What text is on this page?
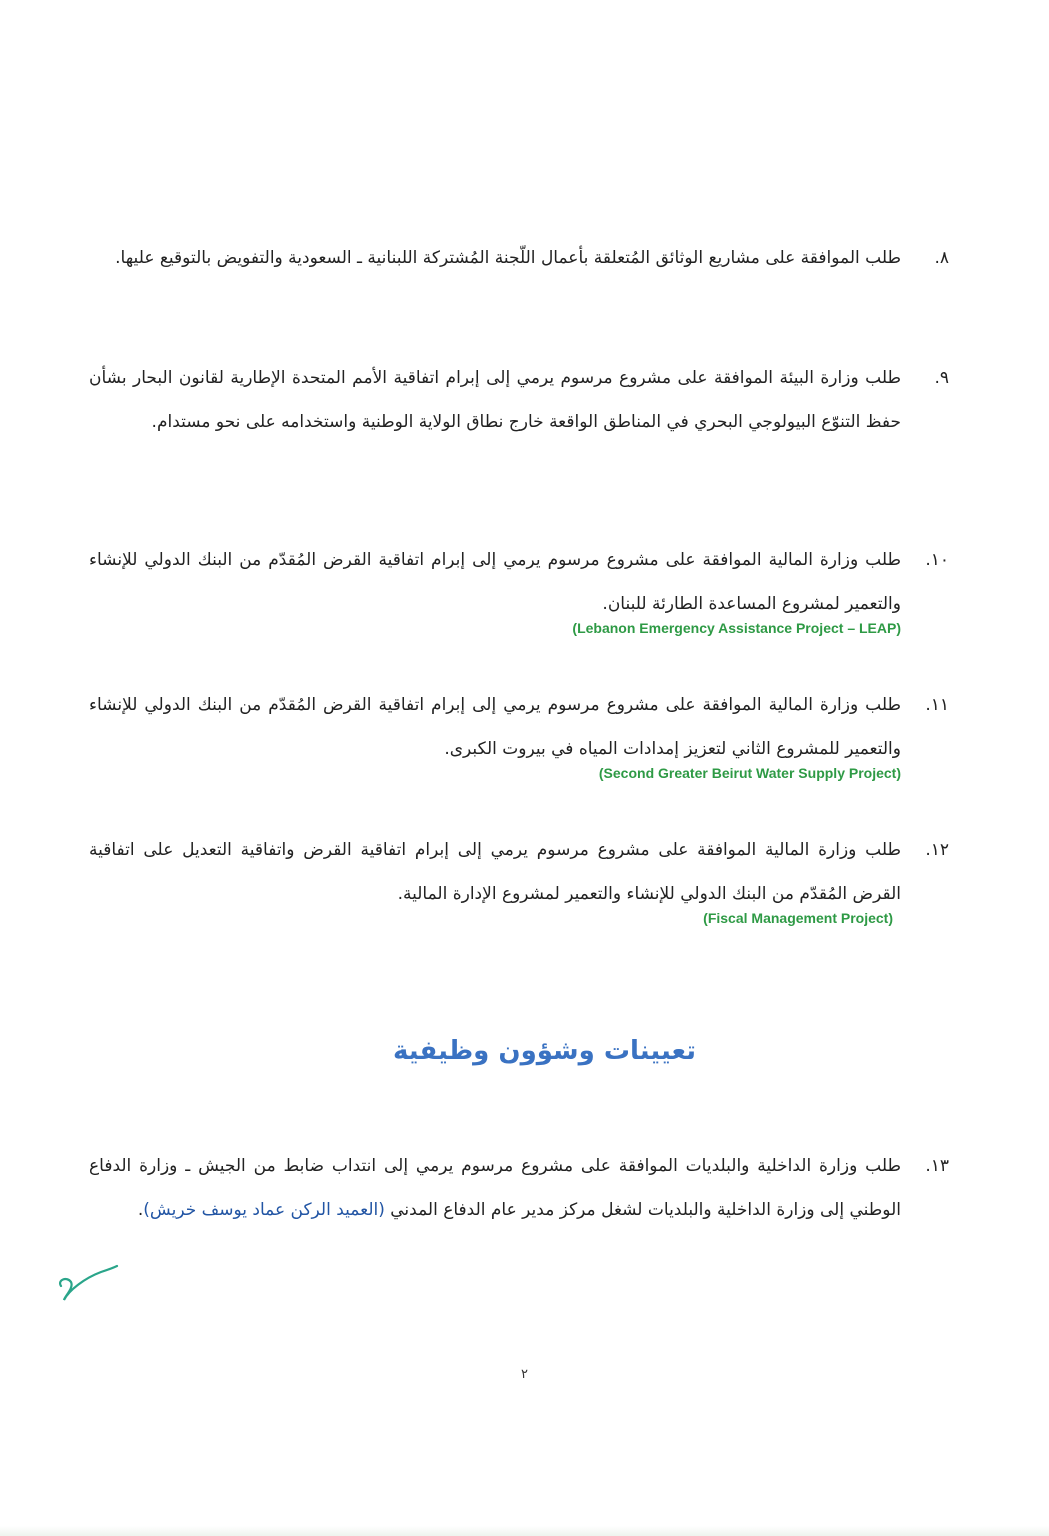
٨.
طلب الموافقة على مشاريع الوثائق المُتعلقة بأعمال اللّجنة المُشتركة اللبنانية ـ السعودية والتفويض بالتوقيع عليها.
٩.
طلب وزارة البيئة الموافقة على مشروع مرسوم يرمي إلى إبرام اتفاقية الأمم المتحدة الإطارية لقانون البحار بشأن حفظ التنوّع البيولوجي البحري في المناطق الواقعة خارج نطاق الولاية الوطنية واستخدامه على نحو مستدام.
١٠.
طلب وزارة المالية الموافقة على مشروع مرسوم يرمي إلى إبرام اتفاقية القرض المُقدّم من البنك الدولي للإنشاء والتعمير لمشروع المساعدة الطارئة للبنان.
(Lebanon Emergency Assistance Project – LEAP)
١١.
طلب وزارة المالية الموافقة على مشروع مرسوم يرمي إلى إبرام اتفاقية القرض المُقدّم من البنك الدولي للإنشاء والتعمير للمشروع الثاني لتعزيز إمدادات المياه في بيروت الكبرى.
(Second Greater Beirut Water Supply Project)
١٢.
طلب وزارة المالية الموافقة على مشروع مرسوم يرمي إلى إبرام اتفاقية القرض واتفاقية التعديل على اتفاقية القرض المُقدّم من البنك الدولي للإنشاء والتعمير لمشروع الإدارة المالية.
(Fiscal Management Project)
تعيينات وشؤون وظيفية
١٣.
طلب وزارة الداخلية والبلديات الموافقة على مشروع مرسوم يرمي إلى انتداب ضابط من الجيش ـ وزارة الدفاع الوطني إلى وزارة الداخلية والبلديات لشغل مركز مدير عام الدفاع المدني (العميد الركن عماد يوسف خريش).
٢
